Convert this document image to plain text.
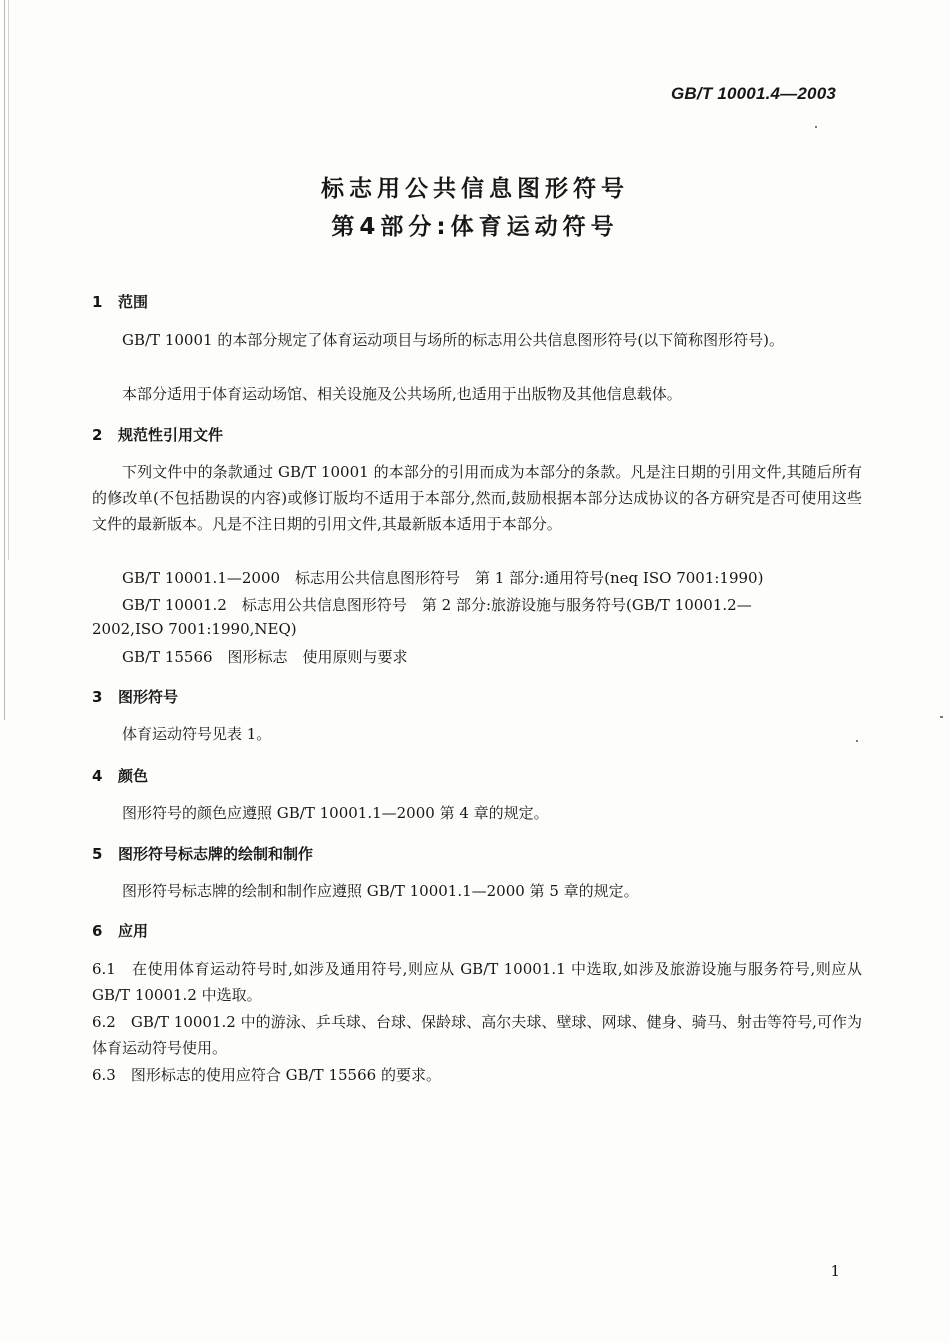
GB/T 10001.4—2003
标志用公共信息图形符号
第4部分:体育运动符号
1 范围
GB/T 10001 的本部分规定了体育运动项目与场所的标志用公共信息图形符号(以下简称图形符号)。
本部分适用于体育运动场馆、相关设施及公共场所,也适用于出版物及其他信息载体。
2 规范性引用文件
下列文件中的条款通过 GB/T 10001 的本部分的引用而成为本部分的条款。凡是注日期的引用文件,其随后所有的修改单(不包括勘误的内容)或修订版均不适用于本部分,然而,鼓励根据本部分达成协议的各方研究是否可使用这些文件的最新版本。凡是不注日期的引用文件,其最新版本适用于本部分。
GB/T 10001.1—2000　标志用公共信息图形符号　第 1 部分:通用符号(neq ISO 7001:1990)
GB/T 10001.2　标志用公共信息图形符号　第 2 部分:旅游设施与服务符号(GB/T 10001.2—
2002,ISO 7001:1990,NEQ)
GB/T 15566　图形标志　使用原则与要求
3 图形符号
体育运动符号见表 1。
4 颜色
图形符号的颜色应遵照 GB/T 10001.1—2000 第 4 章的规定。
5 图形符号标志牌的绘制和制作
图形符号标志牌的绘制和制作应遵照 GB/T 10001.1—2000 第 5 章的规定。
6 应用
6.1　在使用体育运动符号时,如涉及通用符号,则应从 GB/T 10001.1 中选取,如涉及旅游设施与服务符号,则应从 GB/T 10001.2 中选取。
6.2　GB/T 10001.2 中的游泳、乒乓球、台球、保龄球、高尔夫球、壁球、网球、健身、骑马、射击等符号,可作为体育运动符号使用。
6.3　图形标志的使用应符合 GB/T 15566 的要求。
1
